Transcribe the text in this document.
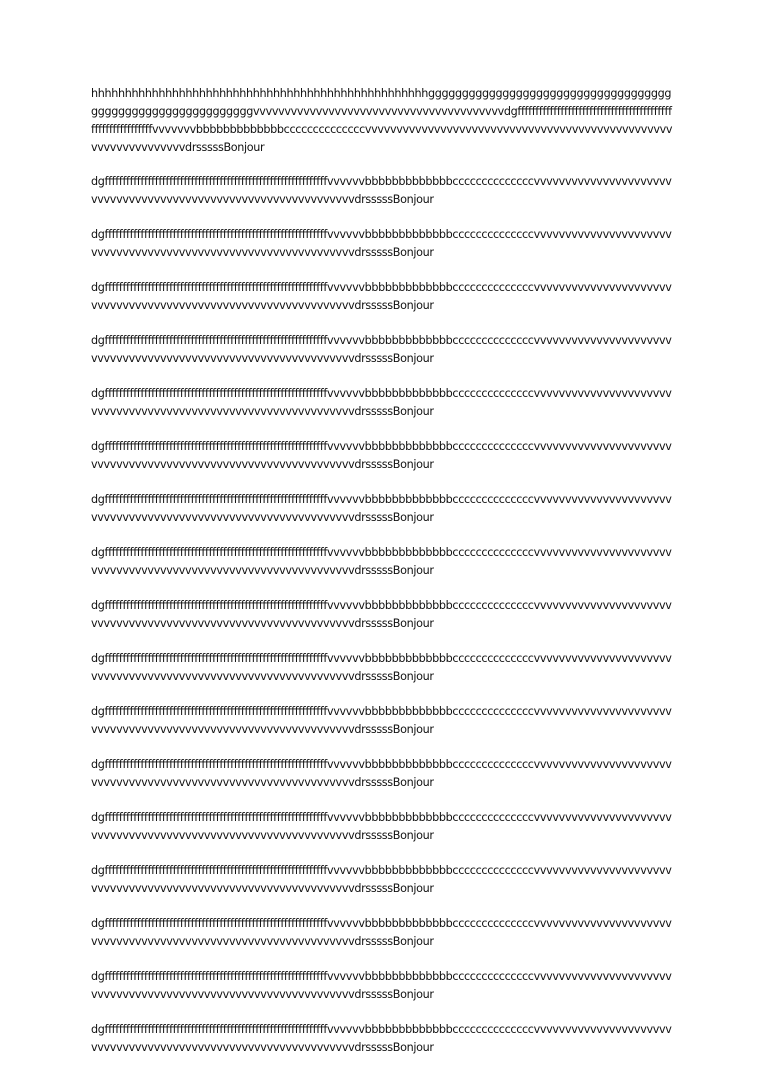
hhhhhhhhhhhhhhhhhhhhhhhhhhhhhhhhhhhhhhhhhhhhhhhhhhggggggggggggggggggggggggggggggggggggggggggggggggggggggggggggvvvvvvvvvvvvvvvvvvvvvvvvvvvvvvvvvvvvvvvvdgffffffffffffffffffffffffffffffffffffffffffffffffffffffffffffvvvvvvvbbbbbbbbbbbbbccccccccccccccvvvvvvvvvvvvvvvvvvvvvvvvvvvvvvvvvvvvvvvvvvvvvvvvvvvvvvvvvvvvvvvvdrsssssBonjour

dgffffffffffffffffffffffffffffffffffffffffffffffffffffffffffffffvvvvvvbbbbbbbbbbbbbccccccccccccccvvvvvvvvvvvvvvvvvvvvvvvvvvvvvvvvvvvvvvvvvvvvvvvvvvvvvvvvvvvvvvvvdrsssssBonjour

dgffffffffffffffffffffffffffffffffffffffffffffffffffffffffffffffvvvvvvbbbbbbbbbbbbbccccccccccccccvvvvvvvvvvvvvvvvvvvvvvvvvvvvvvvvvvvvvvvvvvvvvvvvvvvvvvvvvvvvvvvvdrsssssBonjour

dgffffffffffffffffffffffffffffffffffffffffffffffffffffffffffffffvvvvvvbbbbbbbbbbbbbccccccccccccccvvvvvvvvvvvvvvvvvvvvvvvvvvvvvvvvvvvvvvvvvvvvvvvvvvvvvvvvvvvvvvvvdrsssssBonjour

dgffffffffffffffffffffffffffffffffffffffffffffffffffffffffffffffvvvvvvbbbbbbbbbbbbbccccccccccccccvvvvvvvvvvvvvvvvvvvvvvvvvvvvvvvvvvvvvvvvvvvvvvvvvvvvvvvvvvvvvvvvdrsssssBonjour

dgffffffffffffffffffffffffffffffffffffffffffffffffffffffffffffffvvvvvvbbbbbbbbbbbbbccccccccccccccvvvvvvvvvvvvvvvvvvvvvvvvvvvvvvvvvvvvvvvvvvvvvvvvvvvvvvvvvvvvvvvvdrsssssBonjour

dgffffffffffffffffffffffffffffffffffffffffffffffffffffffffffffffvvvvvvbbbbbbbbbbbbbccccccccccccccvvvvvvvvvvvvvvvvvvvvvvvvvvvvvvvvvvvvvvvvvvvvvvvvvvvvvvvvvvvvvvvvdrsssssBonjour

dgffffffffffffffffffffffffffffffffffffffffffffffffffffffffffffffvvvvvvbbbbbbbbbbbbbccccccccccccccvvvvvvvvvvvvvvvvvvvvvvvvvvvvvvvvvvvvvvvvvvvvvvvvvvvvvvvvvvvvvvvvdrsssssBonjour

dgffffffffffffffffffffffffffffffffffffffffffffffffffffffffffffffvvvvvvbbbbbbbbbbbbbccccccccccccccvvvvvvvvvvvvvvvvvvvvvvvvvvvvvvvvvvvvvvvvvvvvvvvvvvvvvvvvvvvvvvvvdrsssssBonjour

dgffffffffffffffffffffffffffffffffffffffffffffffffffffffffffffffvvvvvvbbbbbbbbbbbbbccccccccccccccvvvvvvvvvvvvvvvvvvvvvvvvvvvvvvvvvvvvvvvvvvvvvvvvvvvvvvvvvvvvvvvvdrsssssBonjour

dgffffffffffffffffffffffffffffffffffffffffffffffffffffffffffffffvvvvvvbbbbbbbbbbbbbccccccccccccccvvvvvvvvvvvvvvvvvvvvvvvvvvvvvvvvvvvvvvvvvvvvvvvvvvvvvvvvvvvvvvvvdrsssssBonjour

dgffffffffffffffffffffffffffffffffffffffffffffffffffffffffffffffvvvvvvbbbbbbbbbbbbbccccccccccccccvvvvvvvvvvvvvvvvvvvvvvvvvvvvvvvvvvvvvvvvvvvvvvvvvvvvvvvvvvvvvvvvdrsssssBonjour

dgffffffffffffffffffffffffffffffffffffffffffffffffffffffffffffffvvvvvvbbbbbbbbbbbbbccccccccccccccvvvvvvvvvvvvvvvvvvvvvvvvvvvvvvvvvvvvvvvvvvvvvvvvvvvvvvvvvvvvvvvvdrsssssBonjour

dgffffffffffffffffffffffffffffffffffffffffffffffffffffffffffffffvvvvvvbbbbbbbbbbbbbccccccccccccccvvvvvvvvvvvvvvvvvvvvvvvvvvvvvvvvvvvvvvvvvvvvvvvvvvvvvvvvvvvvvvvvdrsssssBonjour

dgffffffffffffffffffffffffffffffffffffffffffffffffffffffffffffffvvvvvvbbbbbbbbbbbbbccccccccccccccvvvvvvvvvvvvvvvvvvvvvvvvvvvvvvvvvvvvvvvvvvvvvvvvvvvvvvvvvvvvvvvvdrsssssBonjour

dgffffffffffffffffffffffffffffffffffffffffffffffffffffffffffffffvvvvvvbbbbbbbbbbbbbccccccccccccccvvvvvvvvvvvvvvvvvvvvvvvvvvvvvvvvvvvvvvvvvvvvvvvvvvvvvvvvvvvvvvvvdrsssssBonjour

dgffffffffffffffffffffffffffffffffffffffffffffffffffffffffffffffvvvvvvbbbbbbbbbbbbbccccccccccccccvvvvvvvvvvvvvvvvvvvvvvvvvvvvvvvvvvvvvvvvvvvvvvvvvvvvvvvvvvvvvvvvdrsssssBonjour

dgffffffffffffffffffffffffffffffffffffffffffffffffffffffffffffffvvvvvvbbbbbbbbbbbbbccccccccccccccvvvvvvvvvvvvvvvvvvvvvvvvvvvvvvvvvvvvvvvvvvvvvvvvvvvvvvvvvvvvvvvvdrsssssBonjour
